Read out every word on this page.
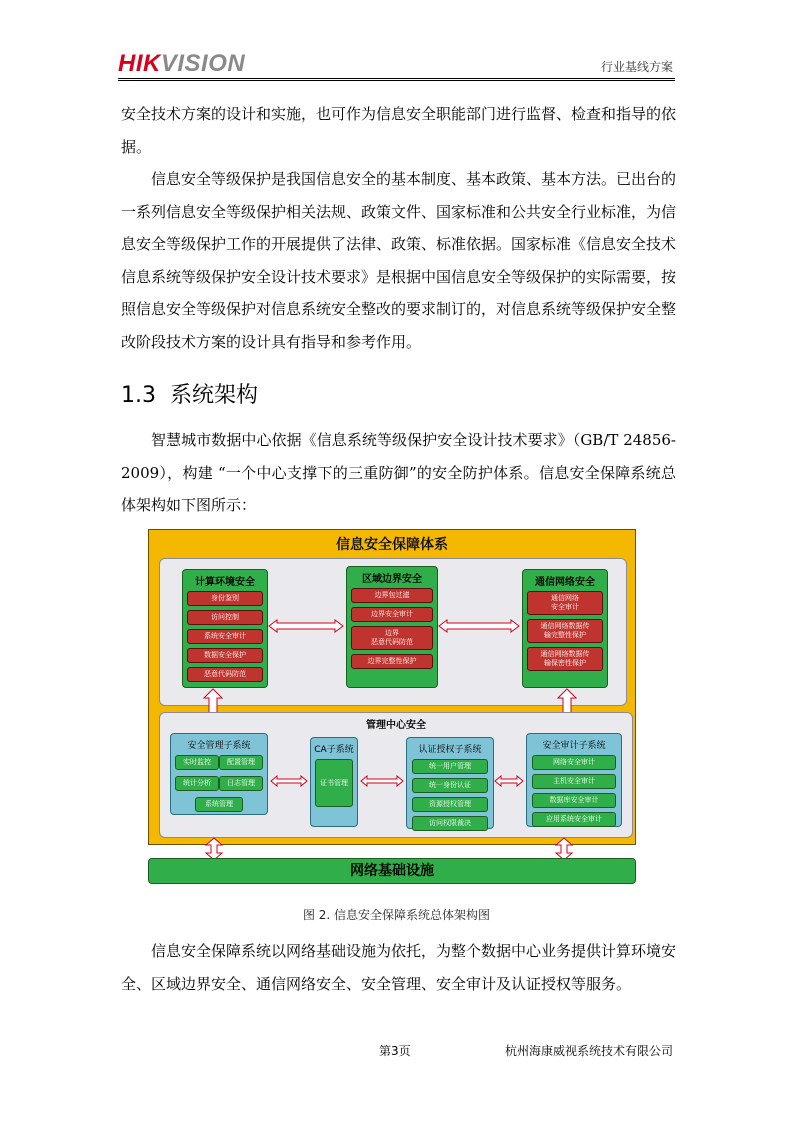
HIKVISION	行业基线方案

安全技术方案的设计和实施，也可作为信息安全职能部门进行监督、检查和指导的依据。

信息安全等级保护是我国信息安全的基本制度、基本政策、基本方法。已出台的一系列信息安全等级保护相关法规、政策文件、国家标准和公共安全行业标准，为信息安全等级保护工作的开展提供了法律、政策、标准依据。国家标准《信息安全技术 信息系统等级保护安全设计技术要求》是根据中国信息安全等级保护的实际需要，按照信息安全等级保护对信息系统安全整改的要求制订的，对信息系统等级保护安全整改阶段技术方案的设计具有指导和参考作用。

1.3 系统架构

智慧城市数据中心依据《信息系统等级保护安全设计技术要求》（GB/T 24856-2009），构建 “一个中心支撑下的三重防御”的安全防护体系。信息安全保障系统总体架构如下图所示：

信息安全保障体系
计算环境安全
身份鉴别
访问控制
系统安全审计
数据安全保护
恶意代码防范
区域边界安全
边界包过滤
边界安全审计
边界
恶意代码防范
边界完整性保护
通信网络安全
通信网络
安全审计
通信网络数据传
输完整性保护
通信网络数据传
输保密性保护
管理中心安全
安全管理子系统
实时监控	配置管理
统计分析	日志管理
系统管理
CA子系统
证书管理
认证授权子系统
统一用户管理
统一身份认证
资源授权管理
访问权限裁决
安全审计子系统
网络安全审计
主机安全审计
数据库安全审计
应用系统安全审计
网络基础设施
图 2. 信息安全保障系统总体架构图

信息安全保障系统以网络基础设施为依托，为整个数据中心业务提供计算环境安全、区域边界安全、通信网络安全、安全管理、安全审计及认证授权等服务。

第3页	杭州海康威视系统技术有限公司
